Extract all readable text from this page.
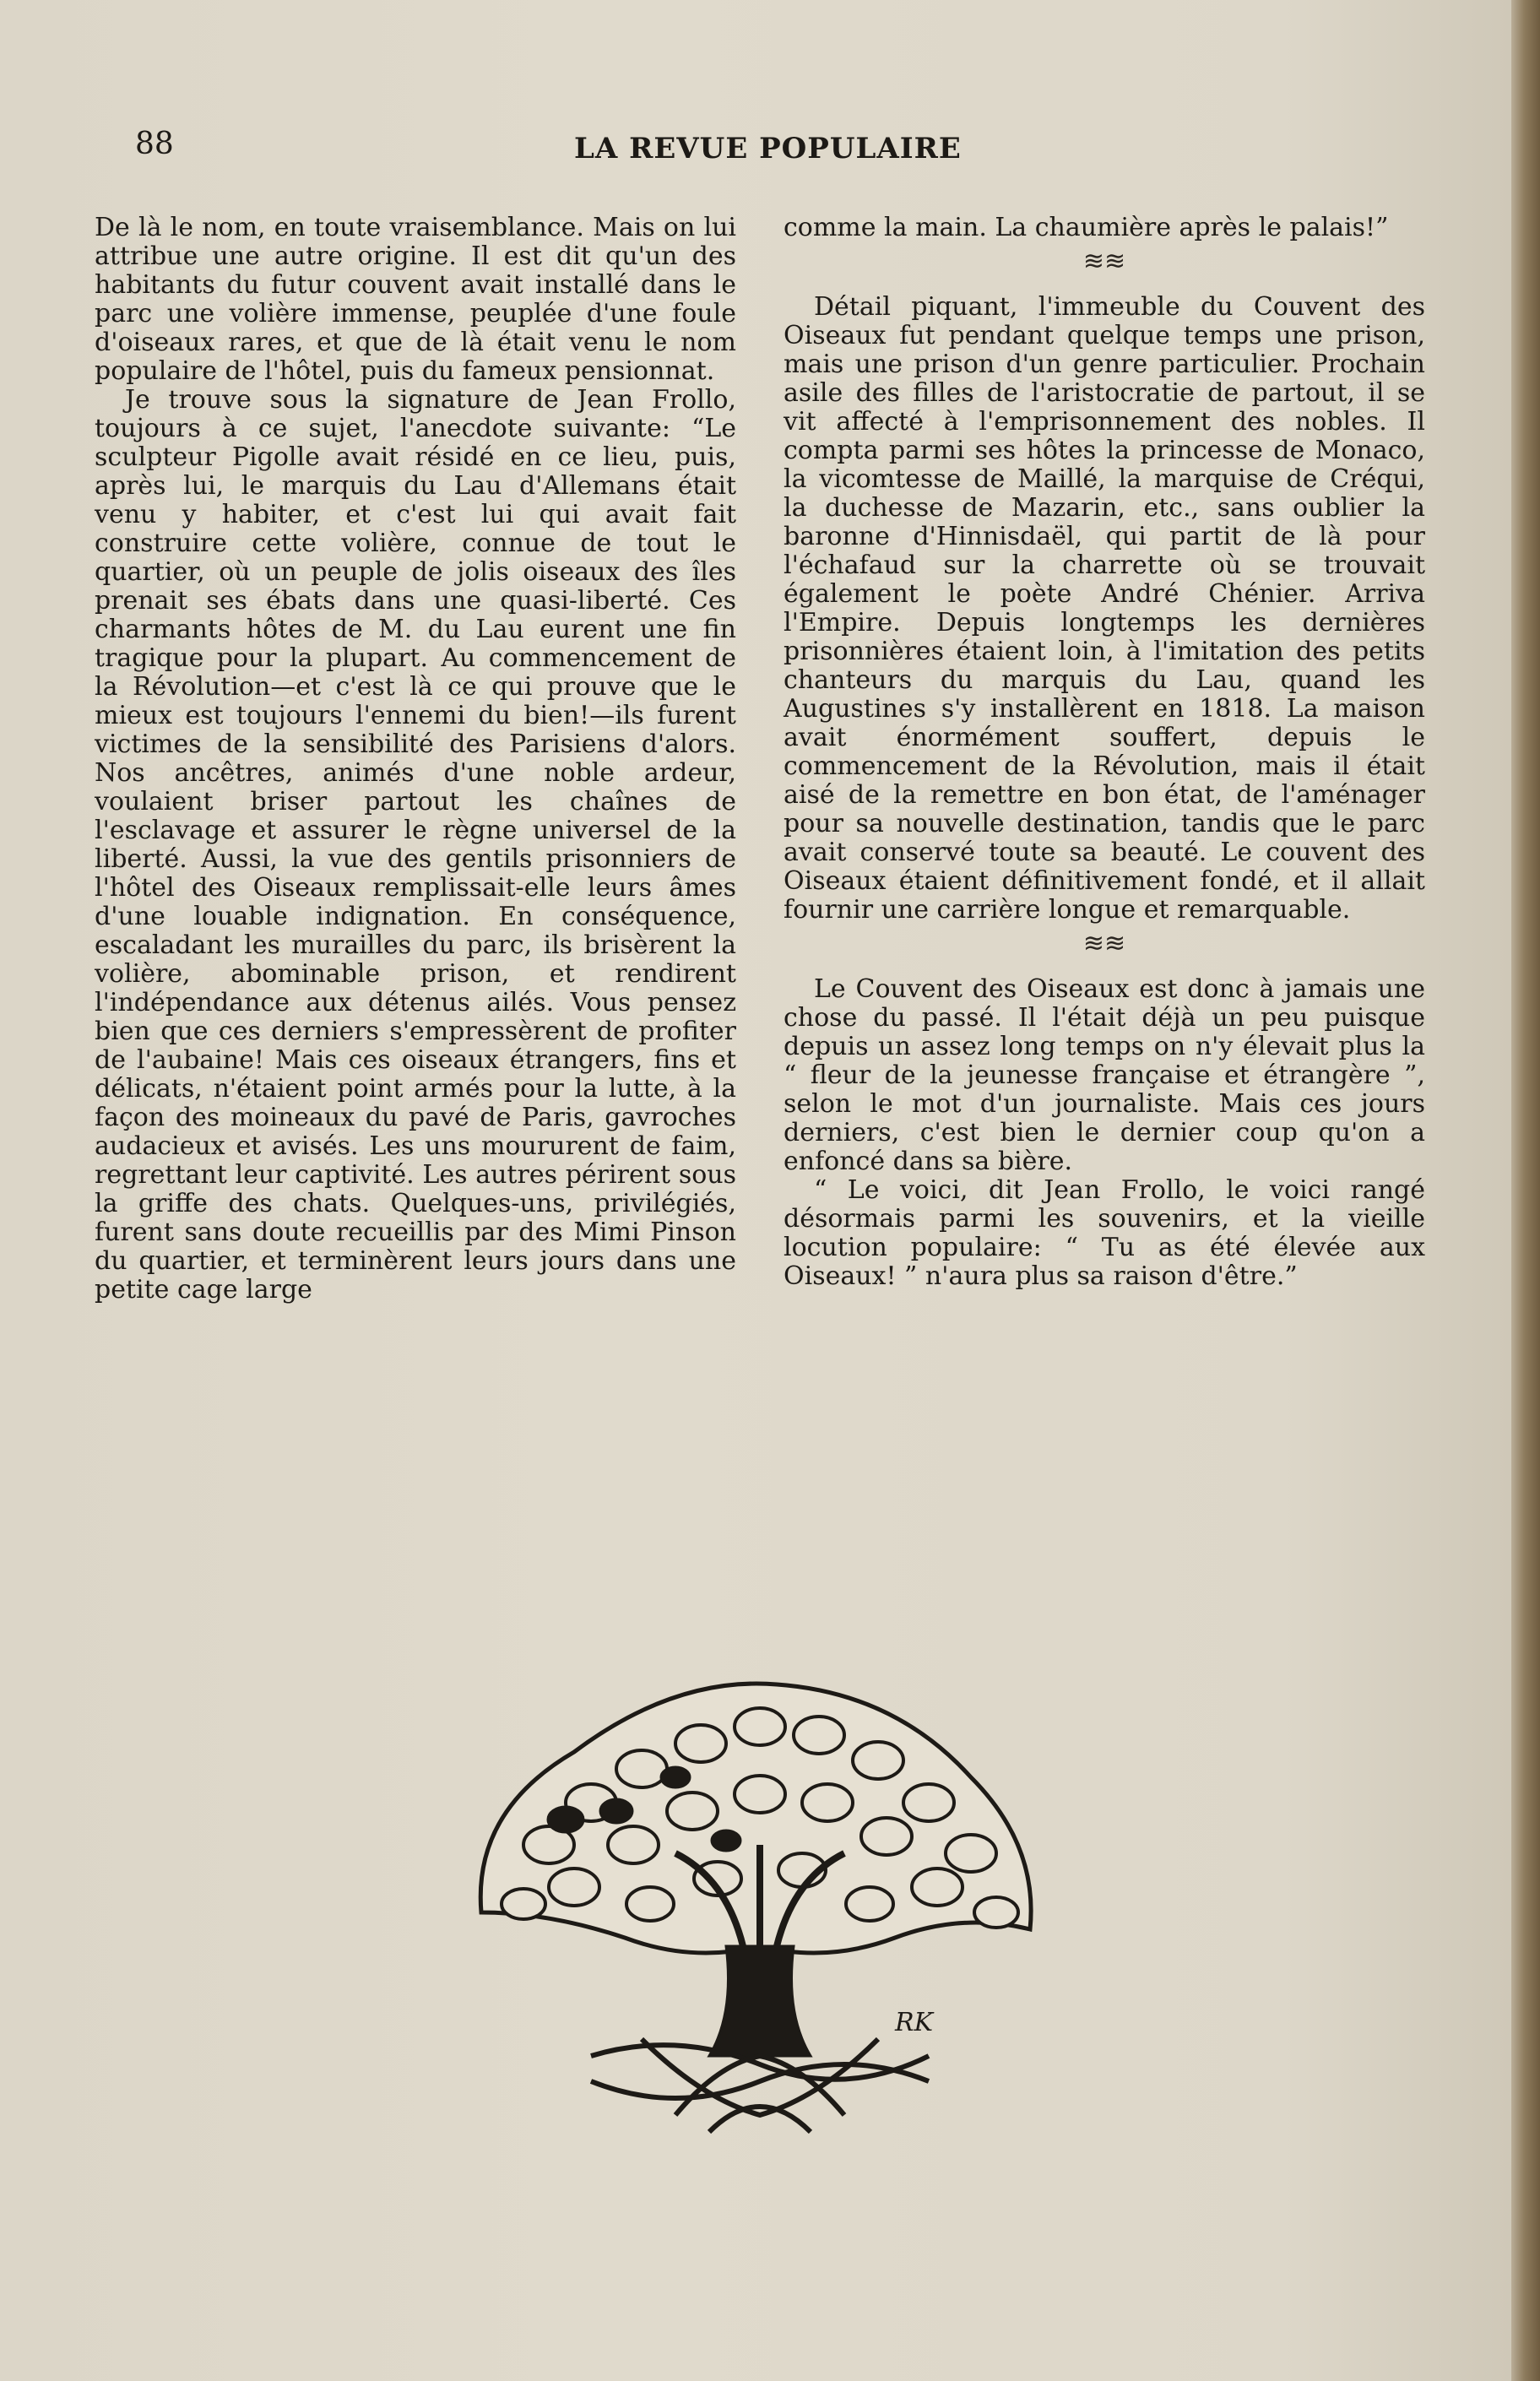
88	LA REVUE POPULAIRE

De là le nom, en toute vraisemblance. Mais on lui attribue une autre origine. Il est dit qu'un des habitants du futur couvent avait installé dans le parc une volière immense, peuplée d'une foule d'oiseaux rares, et que de là était venu le nom populaire de l'hôtel, puis du fameux pensionnat.

Je trouve sous la signature de Jean Frollo, toujours à ce sujet, l'anecdote suivante: “Le sculpteur Pigolle avait résidé en ce lieu, puis, après lui, le marquis du Lau d'Allemans était venu y habiter, et c'est lui qui avait fait construire cette volière, connue de tout le quartier, où un peuple de jolis oiseaux des îles prenait ses ébats dans une quasi-liberté. Ces charmants hôtes de M. du Lau eurent une fin tragique pour la plupart. Au commencement de la Révolution—et c'est là ce qui prouve que le mieux est toujours l'ennemi du bien!—ils furent victimes de la sensibilité des Parisiens d'alors. Nos ancêtres, animés d'une noble ardeur, voulaient briser partout les chaînes de l'esclavage et assurer le règne universel de la liberté. Aussi, la vue des gentils prisonniers de l'hôtel des Oiseaux remplissait-elle leurs âmes d'une louable indignation. En conséquence, escaladant les murailles du parc, ils brisèrent la volière, abominable prison, et rendirent l'indépendance aux détenus ailés. Vous pensez bien que ces derniers s'empressèrent de profiter de l'aubaine! Mais ces oiseaux étrangers, fins et délicats, n'étaient point armés pour la lutte, à la façon des moineaux du pavé de Paris, gavroches audacieux et avisés. Les uns moururent de faim, regrettant leur captivité. Les autres périrent sous la griffe des chats. Quelques-uns, privilégiés, furent sans doute recueillis par des Mimi Pinson du quartier, et terminèrent leurs jours dans une petite cage large

comme la main. La chaumière après le palais!”

≋≋

Détail piquant, l'immeuble du Couvent des Oiseaux fut pendant quelque temps une prison, mais une prison d'un genre particulier. Prochain asile des filles de l'aristocratie de partout, il se vit affecté à l'emprisonnement des nobles. Il compta parmi ses hôtes la princesse de Monaco, la vicomtesse de Maillé, la marquise de Créqui, la duchesse de Mazarin, etc., sans oublier la baronne d'Hinnisdaël, qui partit de là pour l'échafaud sur la charrette où se trouvait également le poète André Chénier. Arriva l'Empire. Depuis longtemps les dernières prisonnières étaient loin, à l'imitation des petits chanteurs du marquis du Lau, quand les Augustines s'y installèrent en 1818. La maison avait énormément souffert, depuis le commencement de la Révolution, mais il était aisé de la remettre en bon état, de l'aménager pour sa nouvelle destination, tandis que le parc avait conservé toute sa beauté. Le couvent des Oiseaux étaient définitivement fondé, et il allait fournir une carrière longue et remarquable.

≋≋

Le Couvent des Oiseaux est donc à jamais une chose du passé. Il l'était déjà un peu puisque depuis un assez long temps on n'y élevait plus la “ fleur de la jeunesse française et étrangère ”, selon le mot d'un journaliste. Mais ces jours derniers, c'est bien le dernier coup qu'on a enfoncé dans sa bière.

“ Le voici, dit Jean Frollo, le voici rangé désormais parmi les souvenirs, et la vieille locution populaire: “ Tu as été élevée aux Oiseaux! ” n'aura plus sa raison d'être.”

RK
